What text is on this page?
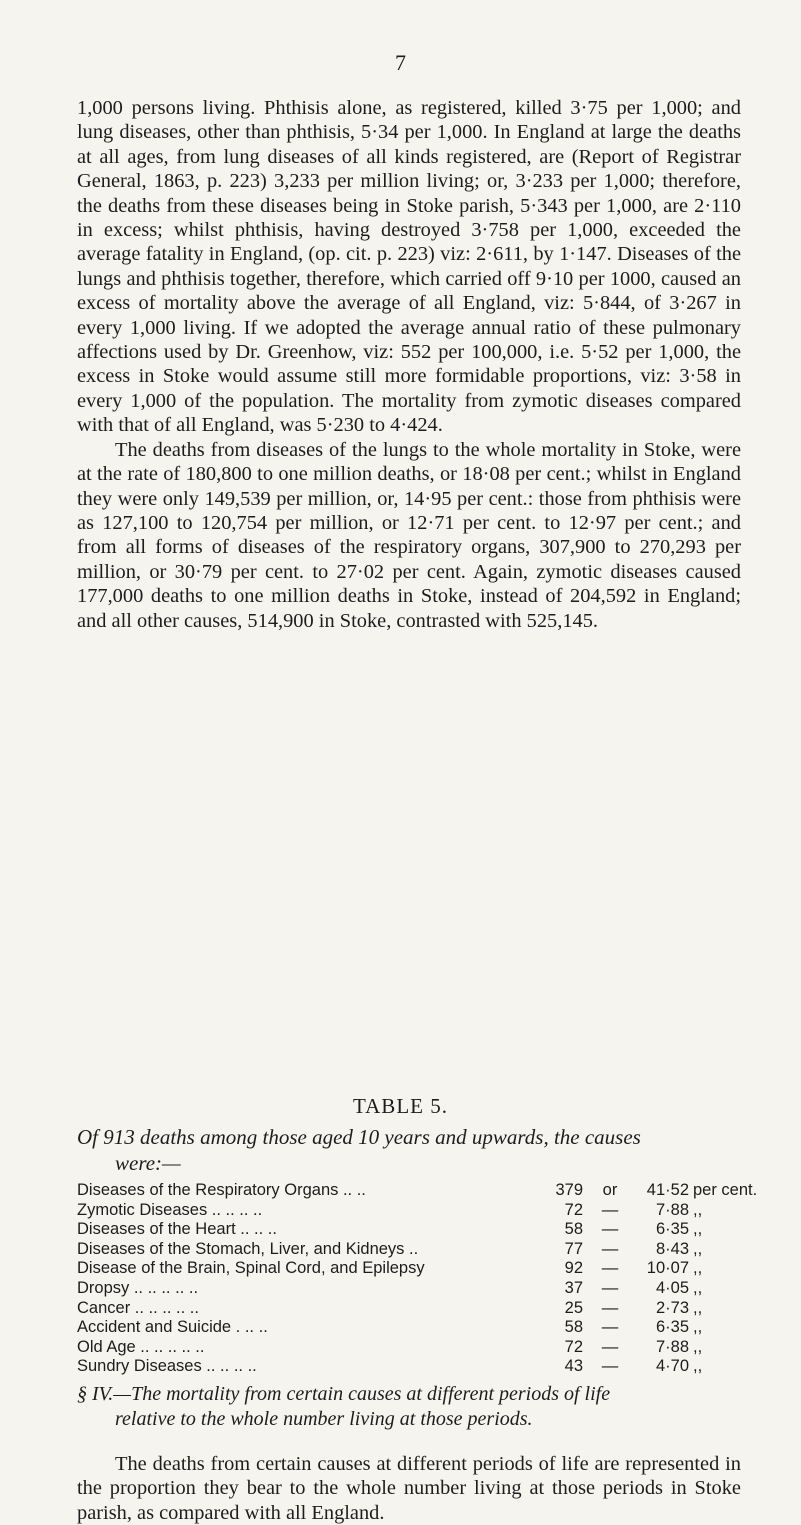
7

1,000 persons living. Phthisis alone, as registered, killed 3·75 per 1,000; and lung diseases, other than phthisis, 5·34 per 1,000. In England at large the deaths at all ages, from lung diseases of all kinds registered, are (Report of Registrar General, 1863, p. 223) 3,233 per million living; or, 3·233 per 1,000; therefore, the deaths from these diseases being in Stoke parish, 5·343 per 1,000, are 2·110 in excess; whilst phthisis, having destroyed 3·758 per 1,000, exceeded the average fatality in England, (op. cit. p. 223) viz: 2·611, by 1·147. Diseases of the lungs and phthisis together, therefore, which carried off 9·10 per 1000, caused an excess of mortality above the average of all England, viz: 5·844, of 3·267 in every 1,000 living. If we adopted the average annual ratio of these pulmonary affections used by Dr. Greenhow, viz: 552 per 100,000, i.e. 5·52 per 1,000, the excess in Stoke would assume still more formidable proportions, viz: 3·58 in every 1,000 of the population. The mortality from zymotic diseases compared with that of all England, was 5·230 to 4·424.

The deaths from diseases of the lungs to the whole mortality in Stoke, were at the rate of 180,800 to one million deaths, or 18·08 per cent.; whilst in England they were only 149,539 per million, or, 14·95 per cent.: those from phthisis were as 127,100 to 120,754 per million, or 12·71 per cent. to 12·97 per cent.; and from all forms of diseases of the respiratory organs, 307,900 to 270,293 per million, or 30·79 per cent. to 27·02 per cent. Again, zymotic diseases caused 177,000 deaths to one million deaths in Stoke, instead of 204,592 in England; and all other causes, 514,900 in Stoke, contrasted with 525,145.

TABLE 5.
Of 913 deaths among those aged 10 years and upwards, the causes
were:—
Diseases of the Respiratory Organs .. ..	379	or	41·52 per cent.
Zymotic Diseases .. .. .. ..	72	—	7·88 ,,
Diseases of the Heart .. .. ..	58	—	6·35 ,,
Diseases of the Stomach, Liver, and Kidneys ..	77	—	8·43 ,,
Disease of the Brain, Spinal Cord, and Epilepsy	92	—	10·07 ,,
Dropsy .. .. .. .. ..	37	—	4·05 ,,
Cancer .. .. .. .. ..	25	—	2·73 ,,
Accident and Suicide . .. ..	58	—	6·35 ,,
Old Age .. .. .. .. ..	72	—	7·88 ,,
Sundry Diseases .. .. .. ..	43	—	4·70 ,,
§ IV.—The mortality from certain causes at different periods of life
relative to the whole number living at those periods.

The deaths from certain causes at different periods of life are represented in the proportion they bear to the whole number living at those periods in Stoke parish, as compared with all England.
